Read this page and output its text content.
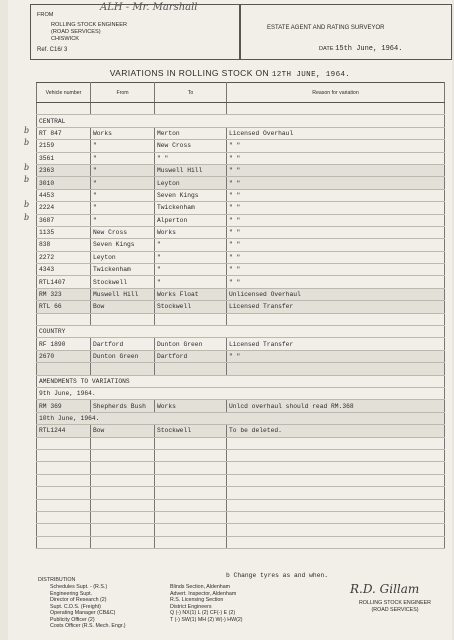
FROM
ROLLING STOCK ENGINEER
(ROAD SERVICES)
CHISWICK
Ref. C16/ 3
ALH - Mr. Marshall
ESTATE AGENT AND RATING SURVEYOR
DATE 15th June, 1964.
VARIATIONS IN ROLLING STOCK ON 12TH JUNE, 1964.
Vehicle number	From	To	Reason for variation

CENTRAL			
RT 847	Works	Merton	Licensed Overhaul
2159	"	New Cross	" "
3561	"	" "	" "
2363	"	Muswell Hill	" "
3010	"	Leyton	" "
4453	"	Seven Kings	" "
2224	"	Twickenham	" "
3687	"	Alperton	" "
1135	New Cross	Works	" "
838	Seven Kings	"	" "
2272	Leyton	"	" "
4343	Twickenham	"	" "
RTL1407	Stockwell	"	" "
RM 323	Muswell Hill	Works Float	Unlicensed Overhaul
RTL 66	Bow	Stockwell	Licensed Transfer

COUNTRY			
RF 1890	Dartford	Dunton Green	Licensed Transfer
2670	Dunton Green	Dartford	" "

AMENDMENTS TO VARIATIONS			
9th June, 1964.			
RM 369	Shepherds Bush	Works	Unlcd overhaul should read RM.368
10th June, 1964.			
RTL1244	Bow	Stockwell	To be deleted.

b
b
b
b
b
b
b Change tyres as and when.
DISTRIBUTION
Schedules Supt. - (R.S.)
Engineering Supt.
Director of Research (2)
Supt. C.D.S. (Freight)
Operating Manager (CB&C)
Publicity Officer (2)
Costs Officer (R.S. Mech. Engr.)
Blinds Section, Aldenham
Advert. Inspector, Aldenham
R.S. Licensing Section
District Engineers
Q (-) NX(1) L (2) CF(-) E (2)
T (-) SW(1) MH (2) W(-) HW(2)
R.D. Gillam
ROLLING STOCK ENGINEER
(ROAD SERVICES)
